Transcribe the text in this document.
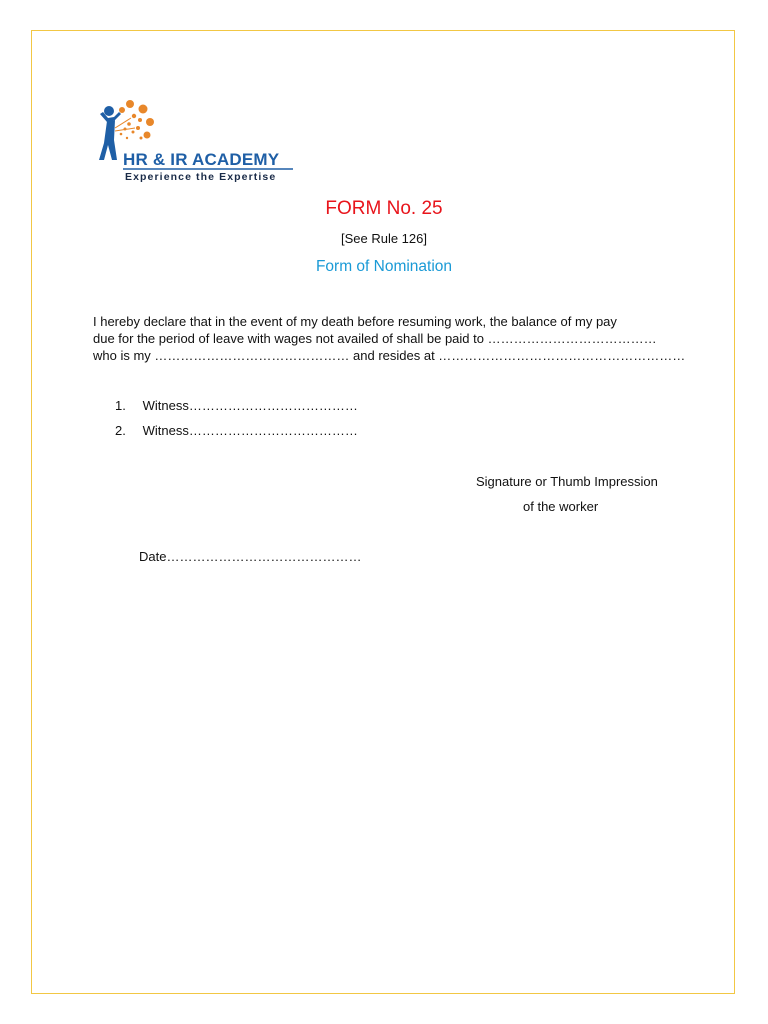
HR & IR ACADEMY
Experience the Expertise
FORM No. 25
[See Rule 126]
Form of Nomination

I hereby declare that in the event of my death before resuming work, the balance of my pay

due for the period of leave with wages not availed of shall be paid to …………………………………

who is my ……………………………………… and resides at …………………………………………………

1. Witness…………………………………
2. Witness…………………………………
Signature or Thumb Impression
of the worker
Date………………………………………
